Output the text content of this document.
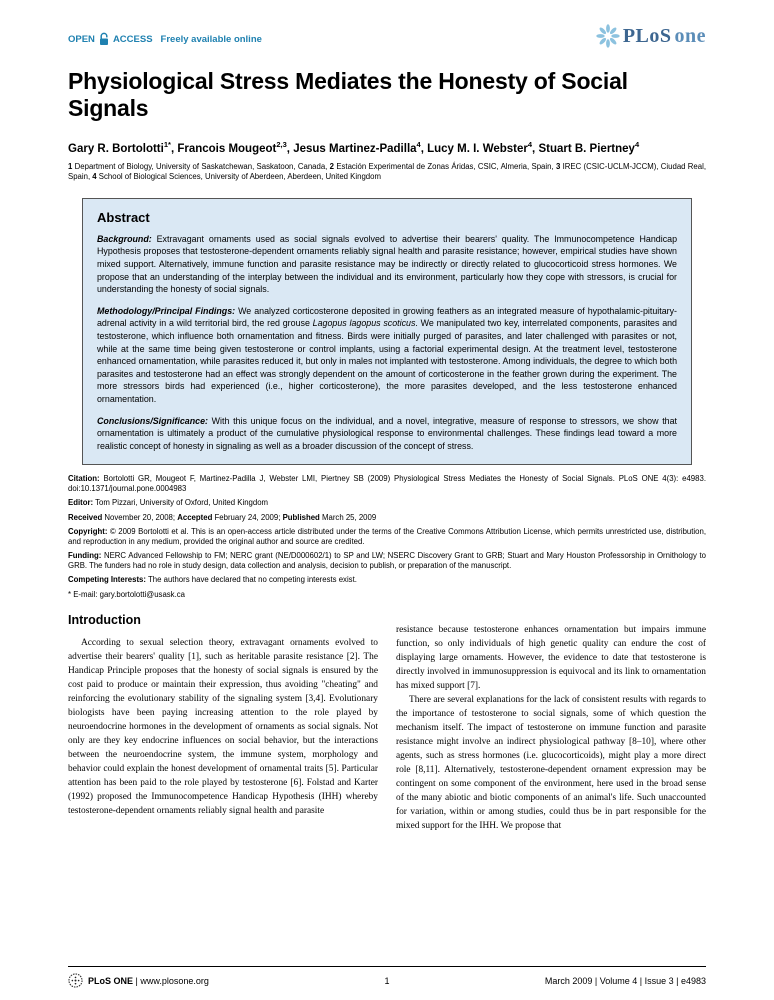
OPEN ACCESS Freely available online	PLoS one
Physiological Stress Mediates the Honesty of Social Signals

Gary R. Bortolotti$^{1*}$, Francois Mougeot$^{2,3}$, Jesus Martinez-Padilla$^4$, Lucy M. I. Webster$^4$, Stuart B. Piertney$^4$

1 Department of Biology, University of Saskatchewan, Saskatoon, Canada, 2 Estación Experimental de Zonas Áridas, CSIC, Almeria, Spain, 3 IREC (CSIC-UCLM-JCCM), Ciudad Real, Spain, 4 School of Biological Sciences, University of Aberdeen, Aberdeen, United Kingdom

Abstract

Background: Extravagant ornaments used as social signals evolved to advertise their bearers' quality. The Immunocompetence Handicap Hypothesis proposes that testosterone-dependent ornaments reliably signal health and parasite resistance; however, empirical studies have shown mixed support. Alternatively, immune function and parasite resistance may be indirectly or directly related to glucocorticoid stress hormones. We propose that an understanding of the interplay between the individual and its environment, particularly how they cope with stressors, is crucial for understanding the honesty of social signals.

Methodology/Principal Findings: We analyzed corticosterone deposited in growing feathers as an integrated measure of hypothalamic-pituitary-adrenal activity in a wild territorial bird, the red grouse Lagopus lagopus scoticus. We manipulated two key, interrelated components, parasites and testosterone, which influence both ornamentation and fitness. Birds were initially purged of parasites, and later challenged with parasites or not, while at the same time being given testosterone or control implants, using a factorial experimental design. At the treatment level, testosterone enhanced ornamentation, while parasites reduced it, but only in males not implanted with testosterone. Among individuals, the degree to which both parasites and testosterone had an effect was strongly dependent on the amount of corticosterone in the feather grown during the experiment. The more stressors birds had experienced (i.e., higher corticosterone), the more parasites developed, and the less testosterone enhanced ornamentation.

Conclusions/Significance: With this unique focus on the individual, and a novel, integrative, measure of response to stressors, we show that ornamentation is ultimately a product of the cumulative physiological response to environmental challenges. These findings lead toward a more realistic concept of honesty in signaling as well as a broader discussion of the concept of stress.

Citation: Bortolotti GR, Mougeot F, Martinez-Padilla J, Webster LMI, Piertney SB (2009) Physiological Stress Mediates the Honesty of Social Signals. PLoS ONE 4(3): e4983. doi:10.1371/journal.pone.0004983

Editor: Tom Pizzari, University of Oxford, United Kingdom

Received November 20, 2008; Accepted February 24, 2009; Published March 25, 2009

Copyright: © 2009 Bortolotti et al. This is an open-access article distributed under the terms of the Creative Commons Attribution License, which permits unrestricted use, distribution, and reproduction in any medium, provided the original author and source are credited.

Funding: NERC Advanced Fellowship to FM; NERC grant (NE/D000602/1) to SP and LW; NSERC Discovery Grant to GRB; Stuart and Mary Houston Professorship in Ornithology to GRB. The funders had no role in study design, data collection and analysis, decision to publish, or preparation of the manuscript.

Competing Interests: The authors have declared that no competing interests exist.

* E-mail: gary.bortolotti@usask.ca

Introduction

According to sexual selection theory, extravagant ornaments evolved to advertise their bearers' quality [1], such as heritable parasite resistance [2]. The Handicap Principle proposes that the honesty of social signals is ensured by the cost paid to produce or maintain their expression, thus avoiding "cheating" and reinforcing the evolutionary stability of the signaling system [3,4]. Evolutionary biologists have been paying increasing attention to the role played by neuroendocrine hormones in the development of ornaments as social signals. Not only are they key endocrine influences on social behavior, but the interactions between the neuroendocrine system, the immune system, morphology and behavior could explain the honest development of ornamental traits [5]. Particular attention has been paid to the role played by testosterone [6]. Folstad and Karter (1992) proposed the Immunocompetence Handicap Hypothesis (IHH) whereby testosterone-dependent ornaments reliably signal health and parasite

resistance because testosterone enhances ornamentation but impairs immune function, so only individuals of high genetic quality can endure the cost of displaying large ornaments. However, the evidence to date that testosterone is directly involved in immunosuppression is equivocal and its link to ornamentation has mixed support [7].

There are several explanations for the lack of consistent results with regards to the importance of testosterone to social signals, some of which question the mechanism itself. The impact of testosterone on immune function and parasite resistance might involve an indirect physiological pathway [8–10], where other agents, such as stress hormones (i.e. glucocorticoids), might play a more direct role [8,11]. Alternatively, testosterone-dependent ornament expression may be contingent on some component of the environment, here used in the broad sense of the many abiotic and biotic components of an animal's life. Such unaccounted for variation, within or among studies, could thus be in part responsible for the mixed support for the IHH. We propose that

PLoS ONE | www.plosone.org	1	March 2009 | Volume 4 | Issue 3 | e4983
